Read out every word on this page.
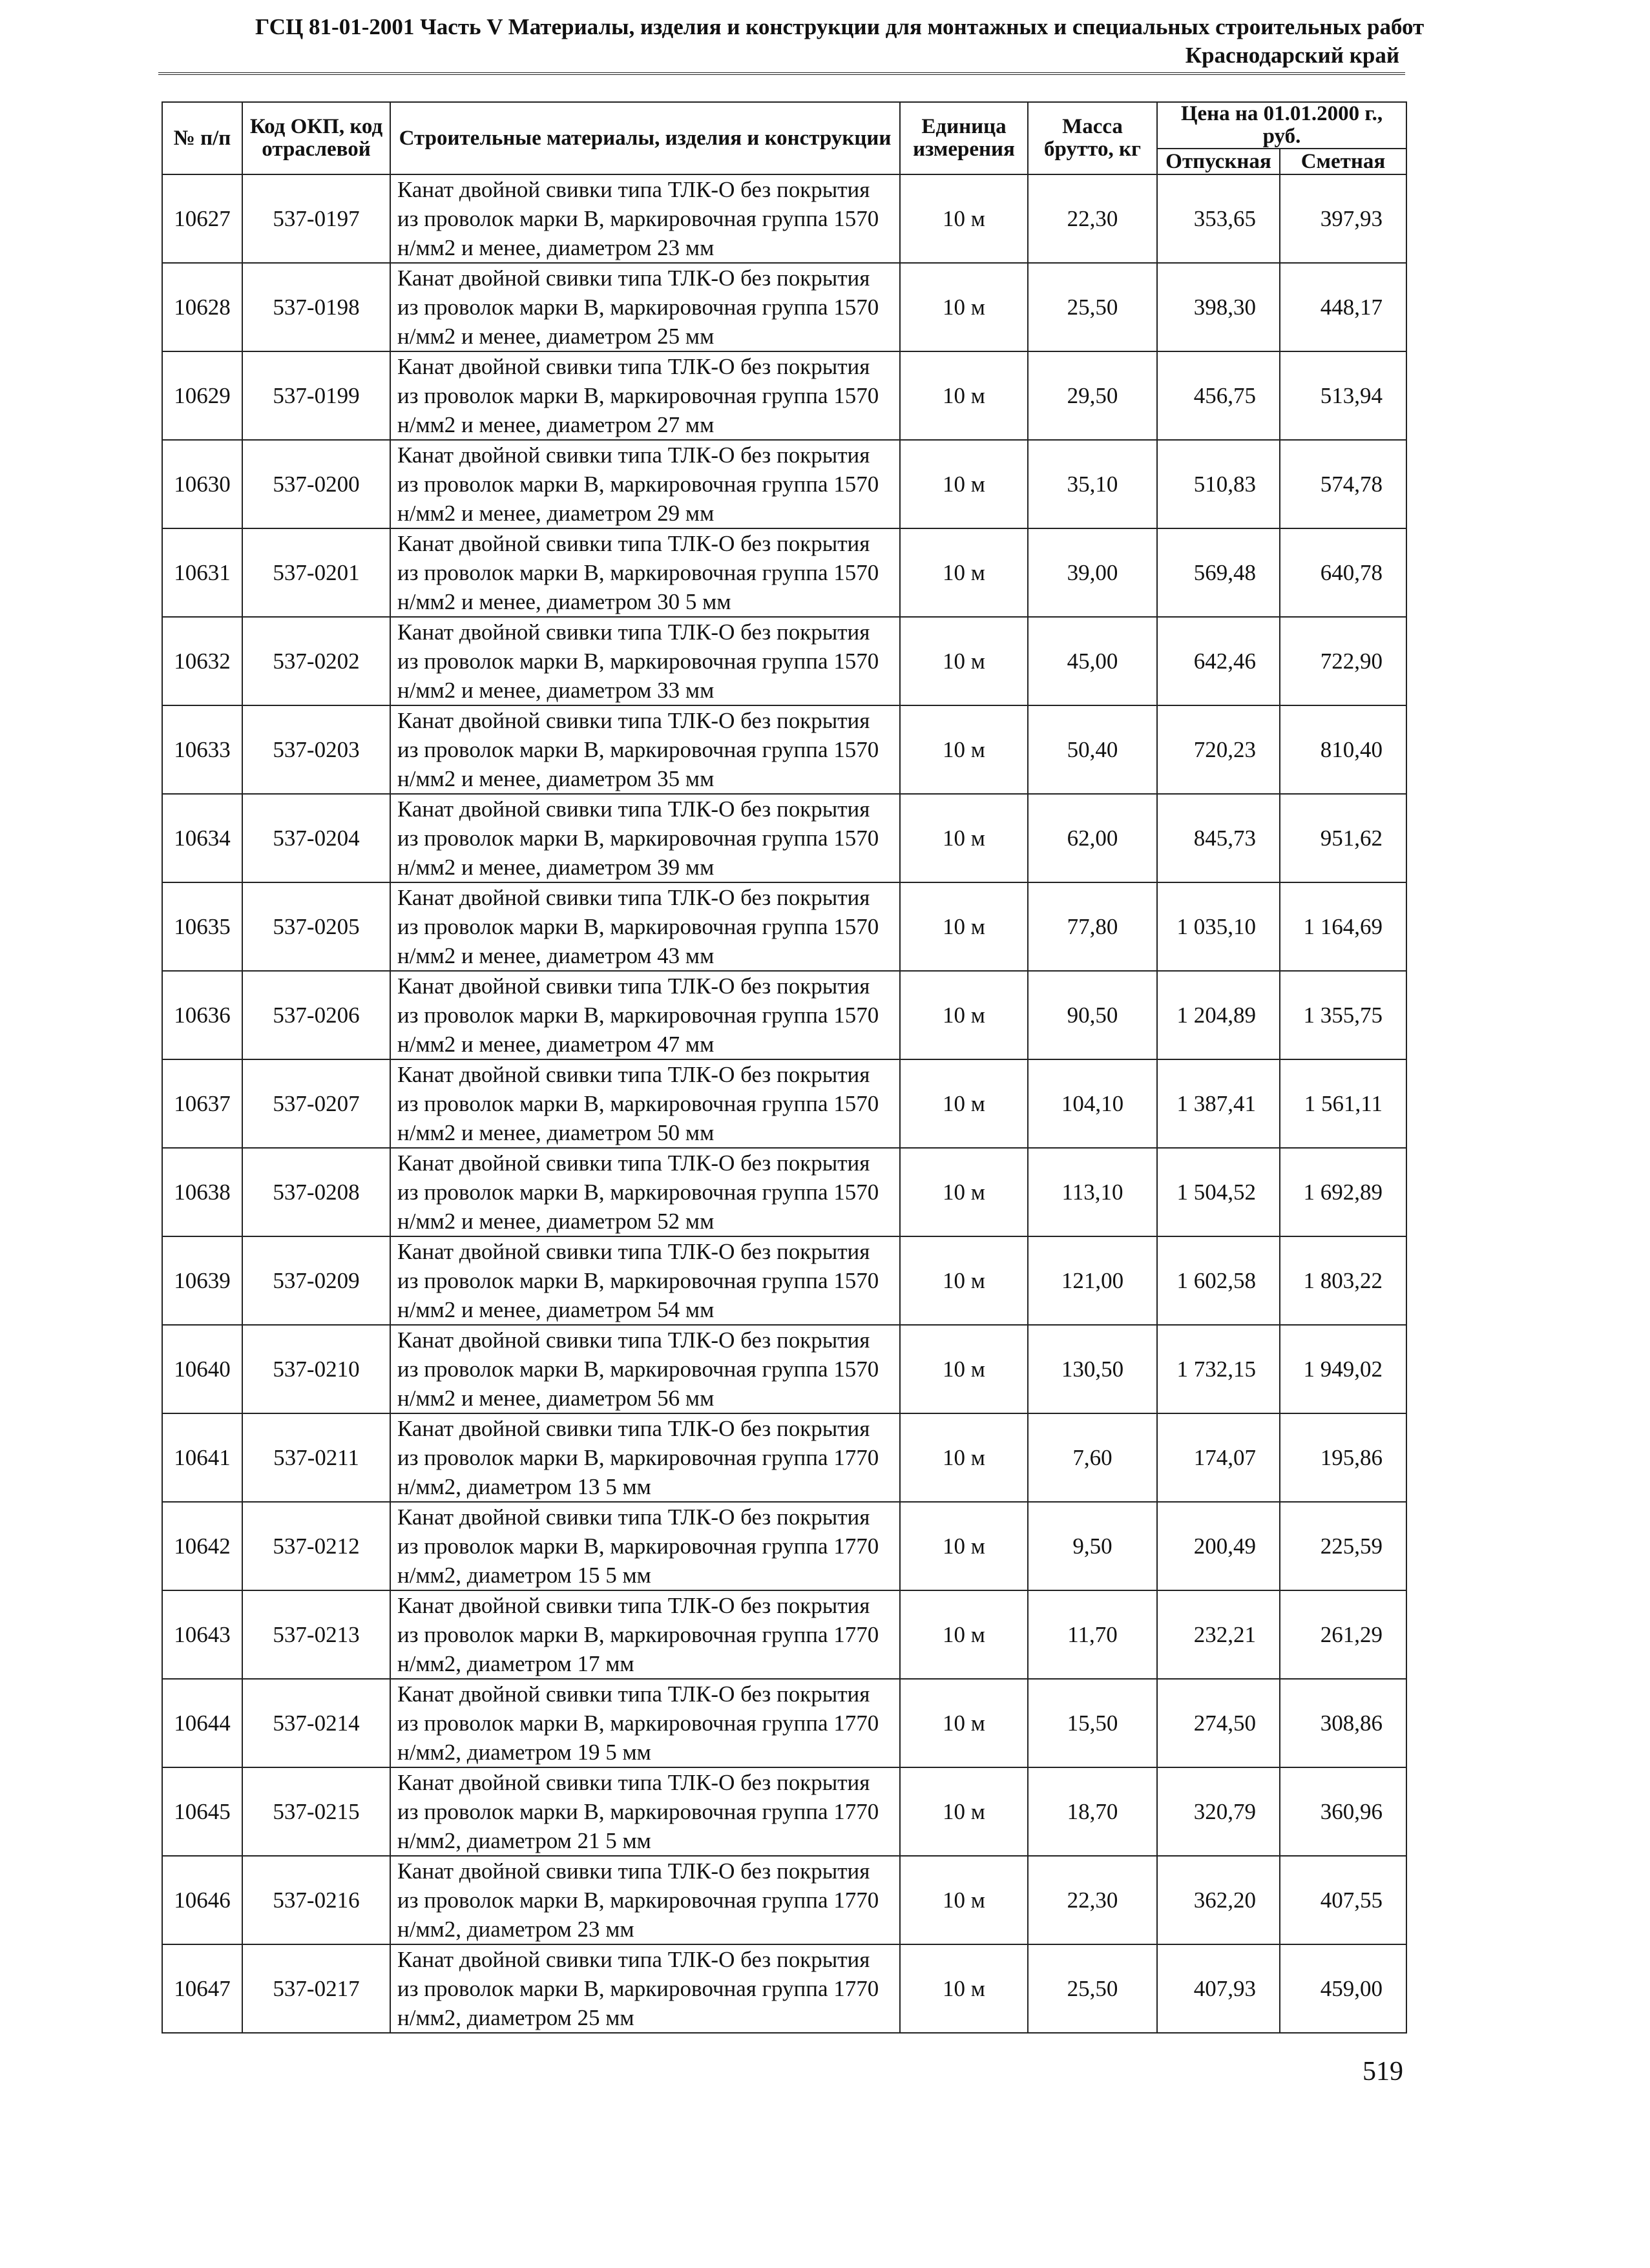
ГСЦ 81-01-2001 Часть V Материалы, изделия и конструкции для монтажных и специальных строительных работ
Краснодарский край
№ п/п	Код ОКП, код отраслевой	Строительные материалы, изделия и конструкции	Единица измерения	Масса брутто, кг	Цена на 01.01.2000 г., руб.	
					Отпускная	Сметная
10627	537-0197	Канат двойной свивки типа ТЛК-О без покрытия из проволок марки В, маркировочная группа 1570 н/мм2 и менее, диаметром 23 мм	10 м	22,30	353,65	397,93
10628	537-0198	Канат двойной свивки типа ТЛК-О без покрытия из проволок марки В, маркировочная группа 1570 н/мм2 и менее, диаметром 25 мм	10 м	25,50	398,30	448,17
10629	537-0199	Канат двойной свивки типа ТЛК-О без покрытия из проволок марки В, маркировочная группа 1570 н/мм2 и менее, диаметром 27 мм	10 м	29,50	456,75	513,94
10630	537-0200	Канат двойной свивки типа ТЛК-О без покрытия из проволок марки В, маркировочная группа 1570 н/мм2 и менее, диаметром 29 мм	10 м	35,10	510,83	574,78
10631	537-0201	Канат двойной свивки типа ТЛК-О без покрытия из проволок марки В, маркировочная группа 1570 н/мм2 и менее, диаметром 30 5 мм	10 м	39,00	569,48	640,78
10632	537-0202	Канат двойной свивки типа ТЛК-О без покрытия из проволок марки В, маркировочная группа 1570 н/мм2 и менее, диаметром 33 мм	10 м	45,00	642,46	722,90
10633	537-0203	Канат двойной свивки типа ТЛК-О без покрытия из проволок марки В, маркировочная группа 1570 н/мм2 и менее, диаметром 35 мм	10 м	50,40	720,23	810,40
10634	537-0204	Канат двойной свивки типа ТЛК-О без покрытия из проволок марки В, маркировочная группа 1570 н/мм2 и менее, диаметром 39 мм	10 м	62,00	845,73	951,62
10635	537-0205	Канат двойной свивки типа ТЛК-О без покрытия из проволок марки В, маркировочная группа 1570 н/мм2 и менее, диаметром 43 мм	10 м	77,80	1 035,10	1 164,69
10636	537-0206	Канат двойной свивки типа ТЛК-О без покрытия из проволок марки В, маркировочная группа 1570 н/мм2 и менее, диаметром 47 мм	10 м	90,50	1 204,89	1 355,75
10637	537-0207	Канат двойной свивки типа ТЛК-О без покрытия из проволок марки В, маркировочная группа 1570 н/мм2 и менее, диаметром 50 мм	10 м	104,10	1 387,41	1 561,11
10638	537-0208	Канат двойной свивки типа ТЛК-О без покрытия из проволок марки В, маркировочная группа 1570 н/мм2 и менее, диаметром 52 мм	10 м	113,10	1 504,52	1 692,89
10639	537-0209	Канат двойной свивки типа ТЛК-О без покрытия из проволок марки В, маркировочная группа 1570 н/мм2 и менее, диаметром 54 мм	10 м	121,00	1 602,58	1 803,22
10640	537-0210	Канат двойной свивки типа ТЛК-О без покрытия из проволок марки В, маркировочная группа 1570 н/мм2 и менее, диаметром 56 мм	10 м	130,50	1 732,15	1 949,02
10641	537-0211	Канат двойной свивки типа ТЛК-О без покрытия из проволок марки В, маркировочная группа 1770 н/мм2, диаметром 13 5 мм	10 м	7,60	174,07	195,86
10642	537-0212	Канат двойной свивки типа ТЛК-О без покрытия из проволок марки В, маркировочная группа 1770 н/мм2, диаметром 15 5 мм	10 м	9,50	200,49	225,59
10643	537-0213	Канат двойной свивки типа ТЛК-О без покрытия из проволок марки В, маркировочная группа 1770 н/мм2, диаметром 17 мм	10 м	11,70	232,21	261,29
10644	537-0214	Канат двойной свивки типа ТЛК-О без покрытия из проволок марки В, маркировочная группа 1770 н/мм2, диаметром 19 5 мм	10 м	15,50	274,50	308,86
10645	537-0215	Канат двойной свивки типа ТЛК-О без покрытия из проволок марки В, маркировочная группа 1770 н/мм2, диаметром 21 5 мм	10 м	18,70	320,79	360,96
10646	537-0216	Канат двойной свивки типа ТЛК-О без покрытия из проволок марки В, маркировочная группа 1770 н/мм2, диаметром 23 мм	10 м	22,30	362,20	407,55
10647	537-0217	Канат двойной свивки типа ТЛК-О без покрытия из проволок марки В, маркировочная группа 1770 н/мм2, диаметром 25 мм	10 м	25,50	407,93	459,00
519
